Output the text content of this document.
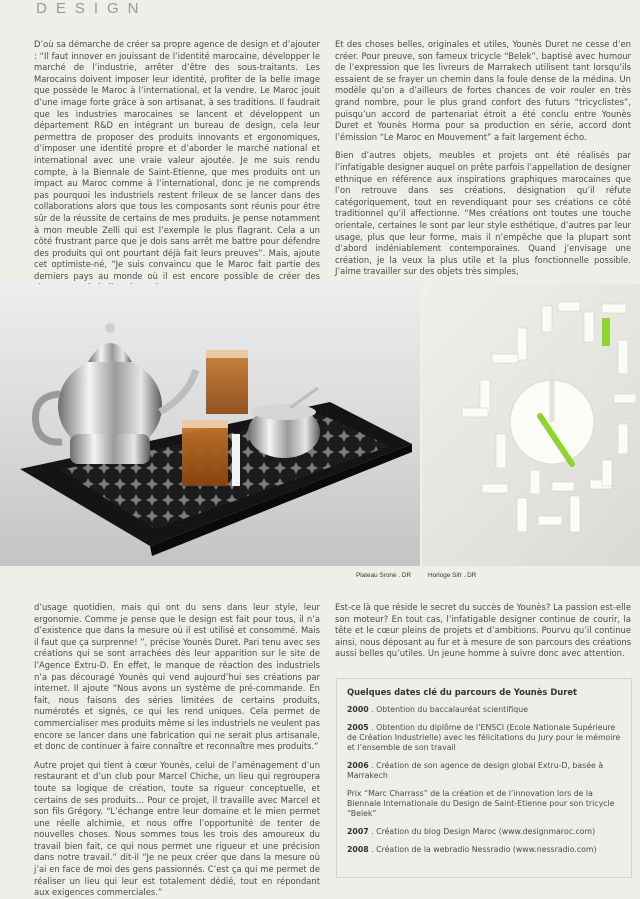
DESIGN

D’où sa démarche de créer sa propre agence de design et d’ajouter : “Il faut innover en jouissant de l’identité marocaine, développer le marché de l’industrie, arrêter d’être des sous-traitants. Les Marocains doivent imposer leur identité, profiter de la belle image que possède le Maroc à l’international, et la vendre. Le Maroc jouit d’une image forte grâce à son artisanat, à ses traditions. Il faudrait que les industries marocaines se lancent et développent un département R&D en intégrant un bureau de design, cela leur permettra de proposer des produits innovants et ergonomiques, d’imposer une identité propre et d’aborder le marché national et international avec une vraie valeur ajoutée. Je me suis rendu compte, à la Biennale de Saint-Etienne, que mes produits ont un impact au Maroc comme à l’international, donc je ne comprends pas pourquoi les industriels restent frileux de se lancer dans des collaborations alors que tous les composants sont réunis pour être sûr de la réussite de certains de mes produits. Je pense notamment à mon meuble Zelli qui est l’exemple le plus flagrant. Cela a un côté frustrant parce que je dois sans arrêt me battre pour défendre des produits qui ont pourtant déjà fait leurs preuves”. Mais, ajoute cet optimiste-né, “Je suis convaincu que le Maroc fait partie des derniers pays au monde où il est encore possible de créer des

Et des choses belles, originales et utiles, Younès Duret ne cesse d’en créer. Pour preuve, son fameux tricycle “Belek”, baptisé avec humour de l’expression que les livreurs de Marrakech utilisent tant lorsqu’ils essaient de se frayer un chemin dans la foule dense de la médina. Un modèle qu’on a d’ailleurs de fortes chances de voir rouler en très grand nombre, pour le plus grand confort des futurs “tricyclistes”, puisqu’un accord de partenariat étroit a été conclu entre Younès Duret et Younès Horma pour sa production en série, accord dont l’émission “Le Maroc en Mouvement” a fait largement écho.

Bien d’autres objets, meubles et projets ont été réalisés par l’infatigable designer auquel on prête parfois l’appellation de designer ethnique en référence aux inspirations graphiques marocaines que l’on retrouve dans ses créations, désignation qu’il réfute catégoriquement, tout en revendiquant pour ses créations ce côté traditionnel qu’il affectionne. “Mes créations ont toutes une touche orientale, certaines le sont par leur style esthétique, d’autres par leur usage, plus que leur forme, mais il n’empêche que la plupart sont d’abord indéniablement contemporaines. Quand j’envisage une création, je la veux la plus utile et la plus fonctionnelle possible. J’aime travailler sur des objets très simples,

Plateau Srone . DR	Horloge Sifr . DR

d’usage quotidien, mais qui ont du sens dans leur style, leur ergonomie. Comme je pense que le design est fait pour tous, il n’a d’existence que dans la mesure où il est utilisé et consommé. Mais il faut que ça surprenne! ”, précise Younès Duret. Pari tenu avec ses créations qui se sont arrachées dès leur apparition sur le site de l’Agence Extru-D. En effet, le manque de réaction des industriels n’a pas découragé Younès qui vend aujourd’hui ses créations par internet. Il ajoute “Nous avons un système de pré-commande. En fait, nous faisons des séries limitées de certains produits, numérotés et signés, ce qui les rend uniques. Cela permet de commercialiser mes produits même si les industriels ne veulent pas encore se lancer dans une fabrication qui ne serait plus artisanale, et donc de continuer à faire connaître et reconnaître mes produits.”

Autre projet qui tient à cœur Younès, celui de l’aménagement d’un restaurant et d’un club pour Marcel Chiche, un lieu qui regroupera toute sa logique de création, toute sa rigueur conceptuelle, et certains de ses produits… Pour ce projet, il travaille avec Marcel et son fils Grégory. “L’échange entre leur domaine et le mien permet une réelle alchimie, et nous offre l’opportunité de tenter de nouvelles choses. Nous sommes tous les trois des amoureux du travail bien fait, ce qui nous permet une rigueur et une précision dans notre travail.” dit-il “Je ne peux créer que dans la mesure où j’ai en face de moi des gens passionnés. C’est ça qui me permet de réaliser un lieu qui leur est totalement dédié, tout en répondant aux exigences commerciales.”

Est-ce là que réside le secret du succès de Younès? La passion est-elle son moteur? En tout cas, l’infatigable designer continue de courir, la tête et le cœur pleins de projets et d’ambitions. Pourvu qu’il continue ainsi, nous déposant au fur et à mesure de son parcours des créations aussi belles qu’utiles. Un jeune homme à suivre donc avec attention.

Quelques dates clé du parcours de Younès Duret
2000 . Obtention du baccalauréat scientifique
2005 . Obtention du diplôme de l’ENSCI (Ecole Nationale Supérieure de Création Industrielle) avec les félicitations du Jury pour le mémoire et l’ensemble de son travail
2006 . Création de son agence de design global Extru-D, basée à Marrakech
Prix “Marc Charrass” de la création et de l’innovation lors de la Biennale Internationale du Design de Saint-Etienne pour son tricycle “Belek”
2007 . Création du blog Design Maroc (www.designmaroc.com)
2008 . Création de la webradio Nessradio (www.nessradio.com)
